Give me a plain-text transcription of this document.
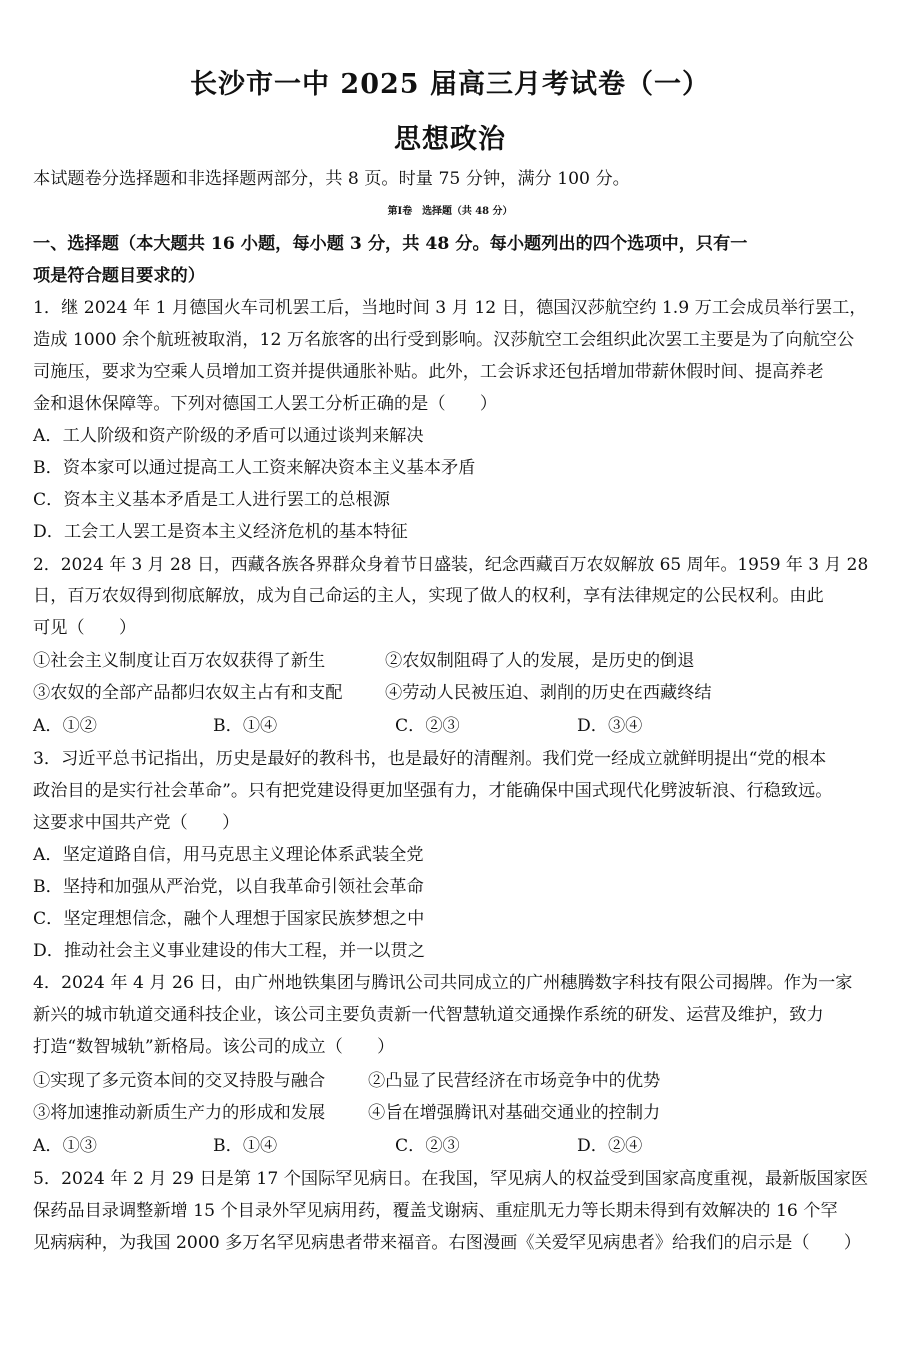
长沙市一中 2025 届高三月考试卷（一）
思想政治
本试题卷分选择题和非选择题两部分，共 8 页。时量 75 分钟，满分 100 分。
第Ⅰ卷　选择题（共 48 分）
一、选择题（本大题共 16 小题，每小题 3 分，共 48 分。每小题列出的四个选项中，只有一
项是符合题目要求的）
1．继 2024 年 1 月德国火车司机罢工后，当地时间 3 月 12 日，德国汉莎航空约 1.9 万工会成员举行罢工，
造成 1000 余个航班被取消，12 万名旅客的出行受到影响。汉莎航空工会组织此次罢工主要是为了向航空公
司施压，要求为空乘人员增加工资并提供通胀补贴。此外，工会诉求还包括增加带薪休假时间、提高养老
金和退休保障等。下列对德国工人罢工分析正确的是（　　）
A．工人阶级和资产阶级的矛盾可以通过谈判来解决
B．资本家可以通过提高工人工资来解决资本主义基本矛盾
C．资本主义基本矛盾是工人进行罢工的总根源
D．工会工人罢工是资本主义经济危机的基本特征
2．2024 年 3 月 28 日，西藏各族各界群众身着节日盛装，纪念西藏百万农奴解放 65 周年。1959 年 3 月 28
日，百万农奴得到彻底解放，成为自己命运的主人，实现了做人的权利，享有法律规定的公民权利。由此
可见（　　）
①社会主义制度让百万农奴获得了新生	②农奴制阻碍了人的发展，是历史的倒退
③农奴的全部产品都归农奴主占有和支配 ④劳动人民被压迫、剥削的历史在西藏终结
A．①②	B．①④	C．②③	D．③④
3．习近平总书记指出，历史是最好的教科书，也是最好的清醒剂。我们党一经成立就鲜明提出“党的根本
政治目的是实行社会革命”。只有把党建设得更加坚强有力，才能确保中国式现代化劈波斩浪、行稳致远。
这要求中国共产党（　　）
A．坚定道路自信，用马克思主义理论体系武装全党
B．坚持和加强从严治党，以自我革命引领社会革命
C．坚定理想信念，融个人理想于国家民族梦想之中
D．推动社会主义事业建设的伟大工程，并一以贯之
4．2024 年 4 月 26 日，由广州地铁集团与腾讯公司共同成立的广州穗腾数字科技有限公司揭牌。作为一家
新兴的城市轨道交通科技企业，该公司主要负责新一代智慧轨道交通操作系统的研发、运营及维护，致力
打造“数智城轨”新格局。该公司的成立（　　）
①实现了多元资本间的交叉持股与融合 ②凸显了民营经济在市场竞争中的优势
③将加速推动新质生产力的形成和发展 ④旨在增强腾讯对基础交通业的控制力
A．①③	B．①④	C．②③	D．②④
5．2024 年 2 月 29 日是第 17 个国际罕见病日。在我国，罕见病人的权益受到国家高度重视，最新版国家医
保药品目录调整新增 15 个目录外罕见病用药，覆盖戈谢病、重症肌无力等长期未得到有效解决的 16 个罕
见病病种，为我国 2000 多万名罕见病患者带来福音。右图漫画《关爱罕见病患者》给我们的启示是（　　）
